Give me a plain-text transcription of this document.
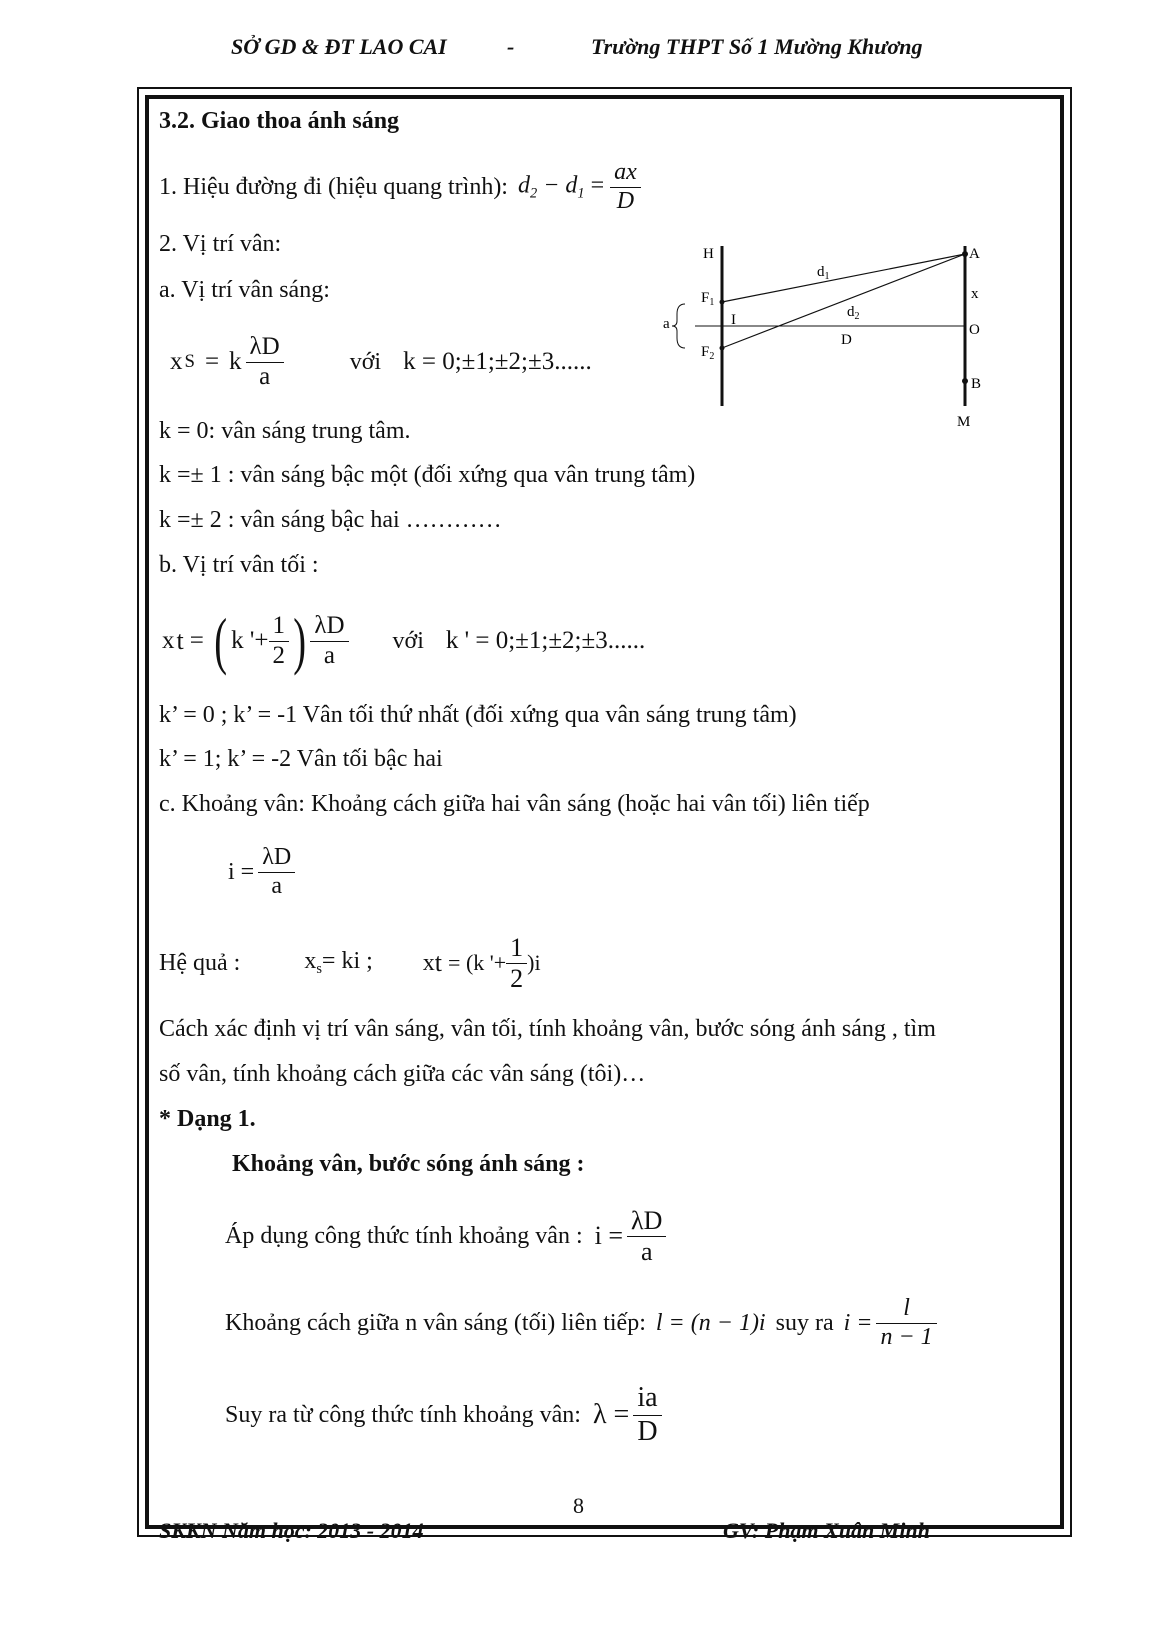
SỞ GD & ĐT LAO CAI	-	Trường THPT Số 1 Mường Khương
3.2. Giao thoa ánh sáng
1. Hiệu đường đi (hiệu quang trình): $d_2 - d_1 = \frac{ax}{D}$
2. Vị trí vân:
a. Vị trí vân sáng:
x S = k $\frac{\lambda D}{a}$	với k = 0;±1;±2;±3......
H	A
$d_1$
x
$F_1$
$d_2$
a	I
O
D
$F_2$
B
M
k = 0: vân sáng trung tâm.
k =± 1 : vân sáng bậc một (đối xứng qua vân trung tâm)
k =± 2 : vân sáng bậc hai …………
b. Vị trí vân tối :
x t = ( k '+ $\frac{1}{2}$ ) $\frac{\lambda D}{a}$ với k ' = 0;±1;±2;±3......
k’ = 0 ; k’ = -1 Vân tối thứ nhất (đối xứng qua vân sáng trung tâm)
k’ = 1; k’ = -2 Vân tối bậc hai
c. Khoảng vân: Khoảng cách giữa hai vân sáng (hoặc hai vân tối) liên tiếp
$i = \frac{\lambda D}{a}$
Hệ quả :	$x_s=$ ki ; x t = (k '+ $\frac{1}{2} )i$
Cách xác định vị trí vân sáng, vân tối, tính khoảng vân, bước sóng ánh sáng , tìm
số vân, tính khoảng cách giữa các vân sáng (tôi)…
* Dạng 1.
Khoảng vân, bước sóng ánh sáng :
Áp dụng công thức tính khoảng vân : $i = \frac{\lambda D}{a}$
Khoảng cách giữa n vân sáng (tối) liên tiếp: l = (n − 1)i suy ra $i = \frac{l}{n - 1}$
Suy ra từ công thức tính khoảng vân: $\lambda = \frac{ia}{D}$
8
SKKN Năm học: 2013 - 2014	GV: Phạm Xuân Minh
